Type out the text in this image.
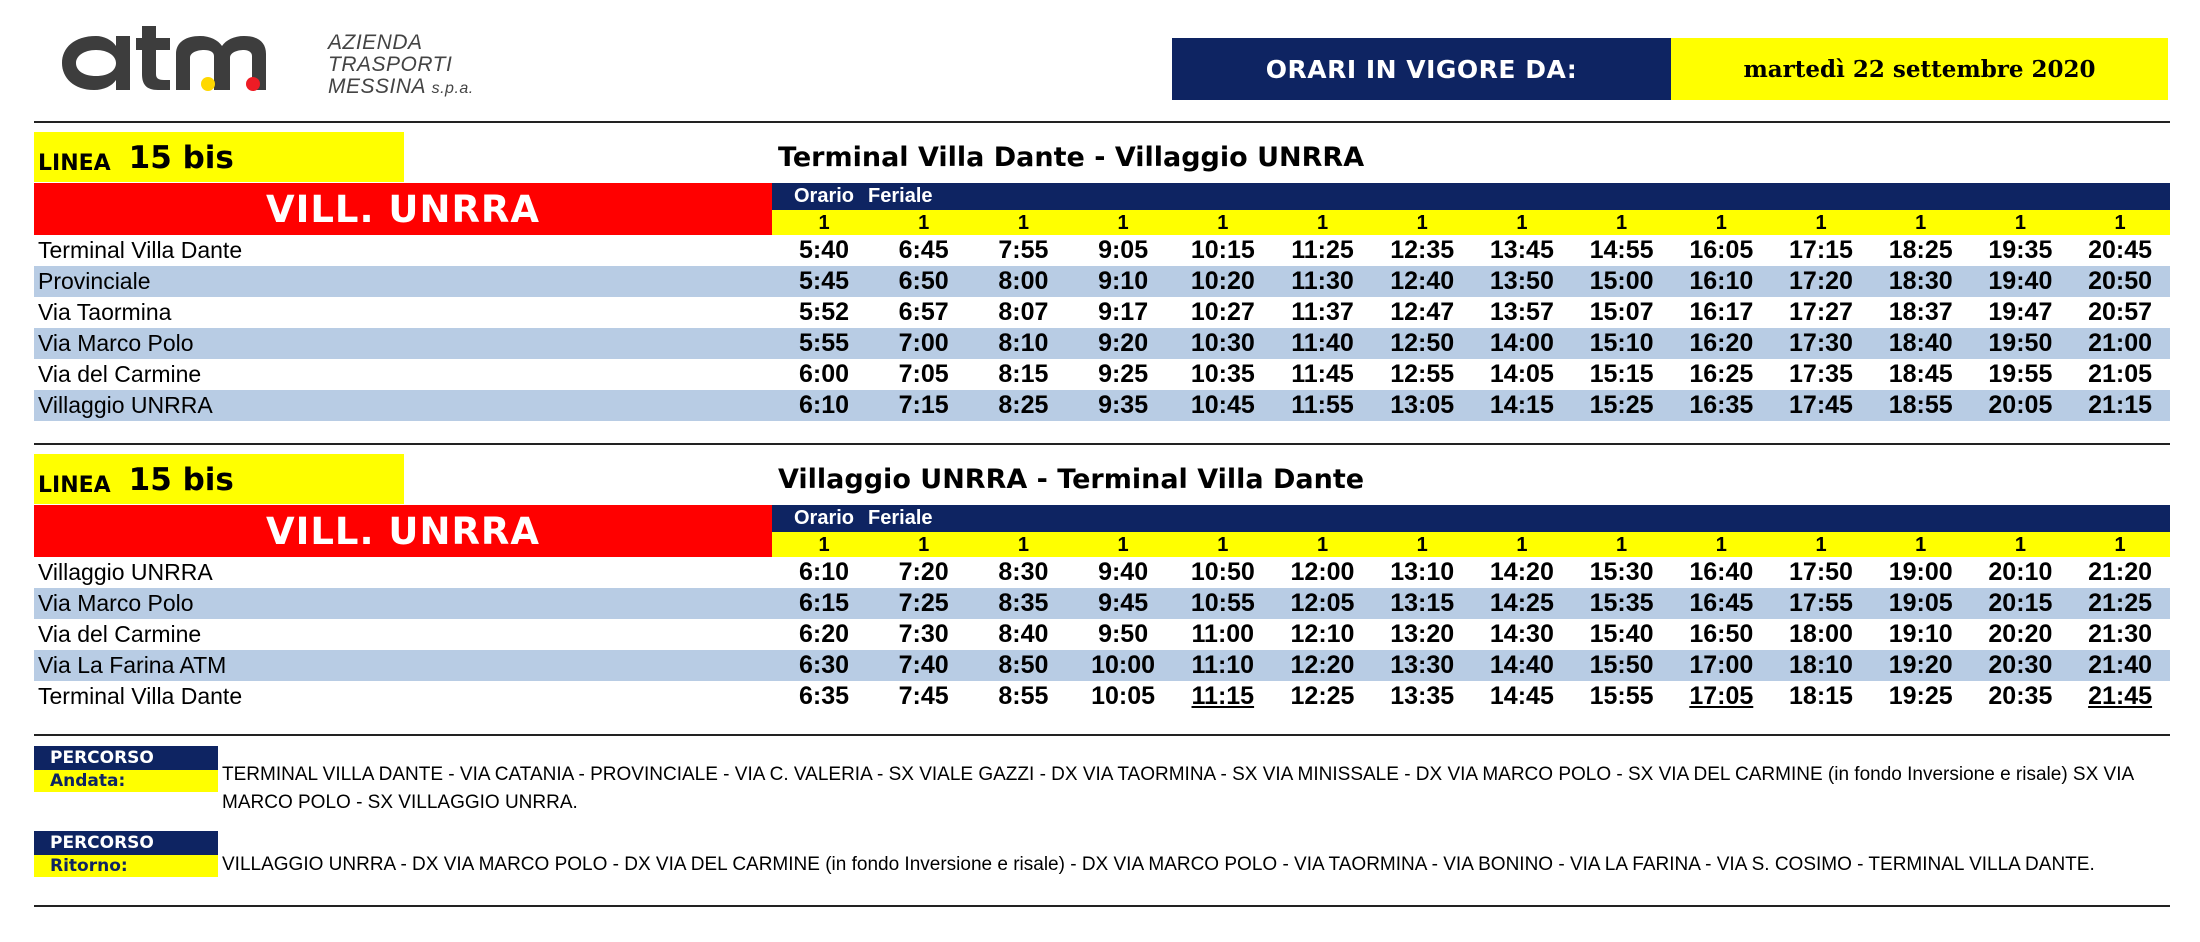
AZIENDA
TRASPORTI
MESSINA s.p.a.
ORARI IN VIGORE DA:	martedì 22 settembre 2020
LINEA 15 bis	Terminal Villa Dante - Villaggio UNRRA
VILL. UNRRA	Orario Feriale
1	1	1	1	1	1	1	1	1	1	1	1	1	1
Terminal Villa Dante	5:40	6:45	7:55	9:05	10:15	11:25	12:35	13:45	14:55	16:05	17:15	18:25	19:35	20:45
Provinciale	5:45	6:50	8:00	9:10	10:20	11:30	12:40	13:50	15:00	16:10	17:20	18:30	19:40	20:50
Via Taormina	5:52	6:57	8:07	9:17	10:27	11:37	12:47	13:57	15:07	16:17	17:27	18:37	19:47	20:57
Via Marco Polo	5:55	7:00	8:10	9:20	10:30	11:40	12:50	14:00	15:10	16:20	17:30	18:40	19:50	21:00
Via del Carmine	6:00	7:05	8:15	9:25	10:35	11:45	12:55	14:05	15:15	16:25	17:35	18:45	19:55	21:05
Villaggio UNRRA	6:10	7:15	8:25	9:35	10:45	11:55	13:05	14:15	15:25	16:35	17:45	18:55	20:05	21:15
LINEA 15 bis	Villaggio UNRRA - Terminal Villa Dante
VILL. UNRRA	Orario Feriale
1	1	1	1	1	1	1	1	1	1	1	1	1	1
Villaggio UNRRA	6:10	7:20	8:30	9:40	10:50	12:00	13:10	14:20	15:30	16:40	17:50	19:00	20:10	21:20
Via Marco Polo	6:15	7:25	8:35	9:45	10:55	12:05	13:15	14:25	15:35	16:45	17:55	19:05	20:15	21:25
Via del Carmine	6:20	7:30	8:40	9:50	11:00	12:10	13:20	14:30	15:40	16:50	18:00	19:10	20:20	21:30
Via La Farina ATM	6:30	7:40	8:50	10:00	11:10	12:20	13:30	14:40	15:50	17:00	18:10	19:20	20:30	21:40
Terminal Villa Dante	6:35	7:45	8:55	10:05	11:15	12:25	13:35	14:45	15:55	17:05	18:15	19:25	20:35	21:45
PERCORSO
Andata:	TERMINAL VILLA DANTE - VIA CATANIA - PROVINCIALE - VIA C. VALERIA - SX VIALE GAZZI - DX VIA TAORMINA - SX VIA MINISSALE - DX VIA MARCO POLO - SX VIA DEL CARMINE (in fondo Inversione e risale) SX VIA MARCO POLO - SX VILLAGGIO UNRRA.
PERCORSO
Ritorno:	VILLAGGIO UNRRA - DX VIA MARCO POLO - DX VIA DEL CARMINE (in fondo Inversione e risale) - DX VIA MARCO POLO - VIA TAORMINA - VIA BONINO - VIA LA FARINA - VIA S. COSIMO - TERMINAL VILLA DANTE.
